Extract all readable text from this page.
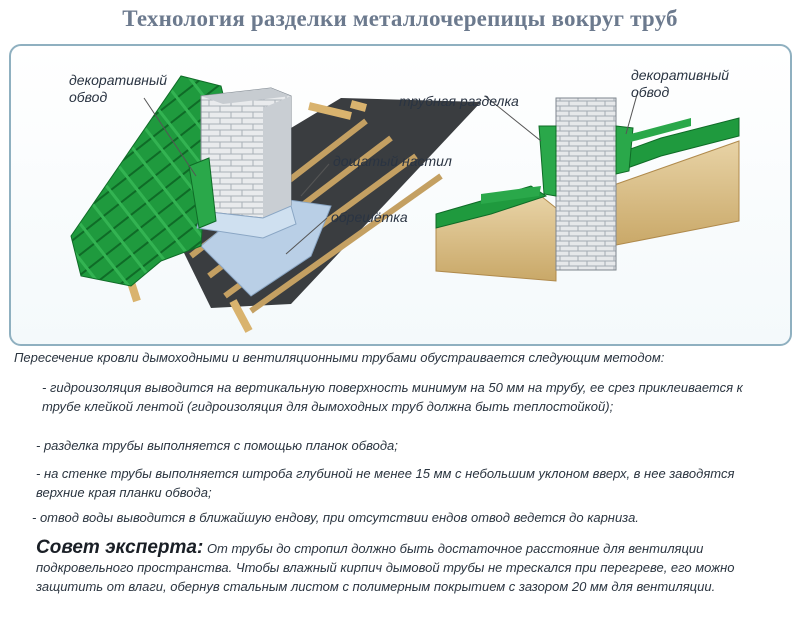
Технология разделки металлочерепицы вокруг труб
декоративный
обвод	трубная разделка
дощатый настил
обрешётка
декоративный
обвод
Пересечение кровли дымоходными и вентиляционными трубами обустраивается следующим методом:
- гидроизоляция выводится на вертикальную поверхность минимум на 50 мм на трубу, ее срез приклеивается к трубе клейкой лентой (гидроизоляция для дымоходных труб должна быть теплостойкой);
- разделка трубы выполняется с помощью планок обвода;
- на стенке трубы выполняется штроба глубиной не менее 15 мм с небольшим уклоном вверх, в нее заводятся верхние края планки обвода;
- отвод воды выводится в ближайшую ендову, при отсутствии ендов отвод ведется до карниза.
Совет эксперта: От трубы до стропил должно быть достаточное расстояние для вентиляции подкровельного пространства. Чтобы влажный кирпич дымовой трубы не трескался при перегреве, его можно защитить от влаги, обернув стальным листом с полимерным покрытием с зазором 20 мм для вентиляции.
